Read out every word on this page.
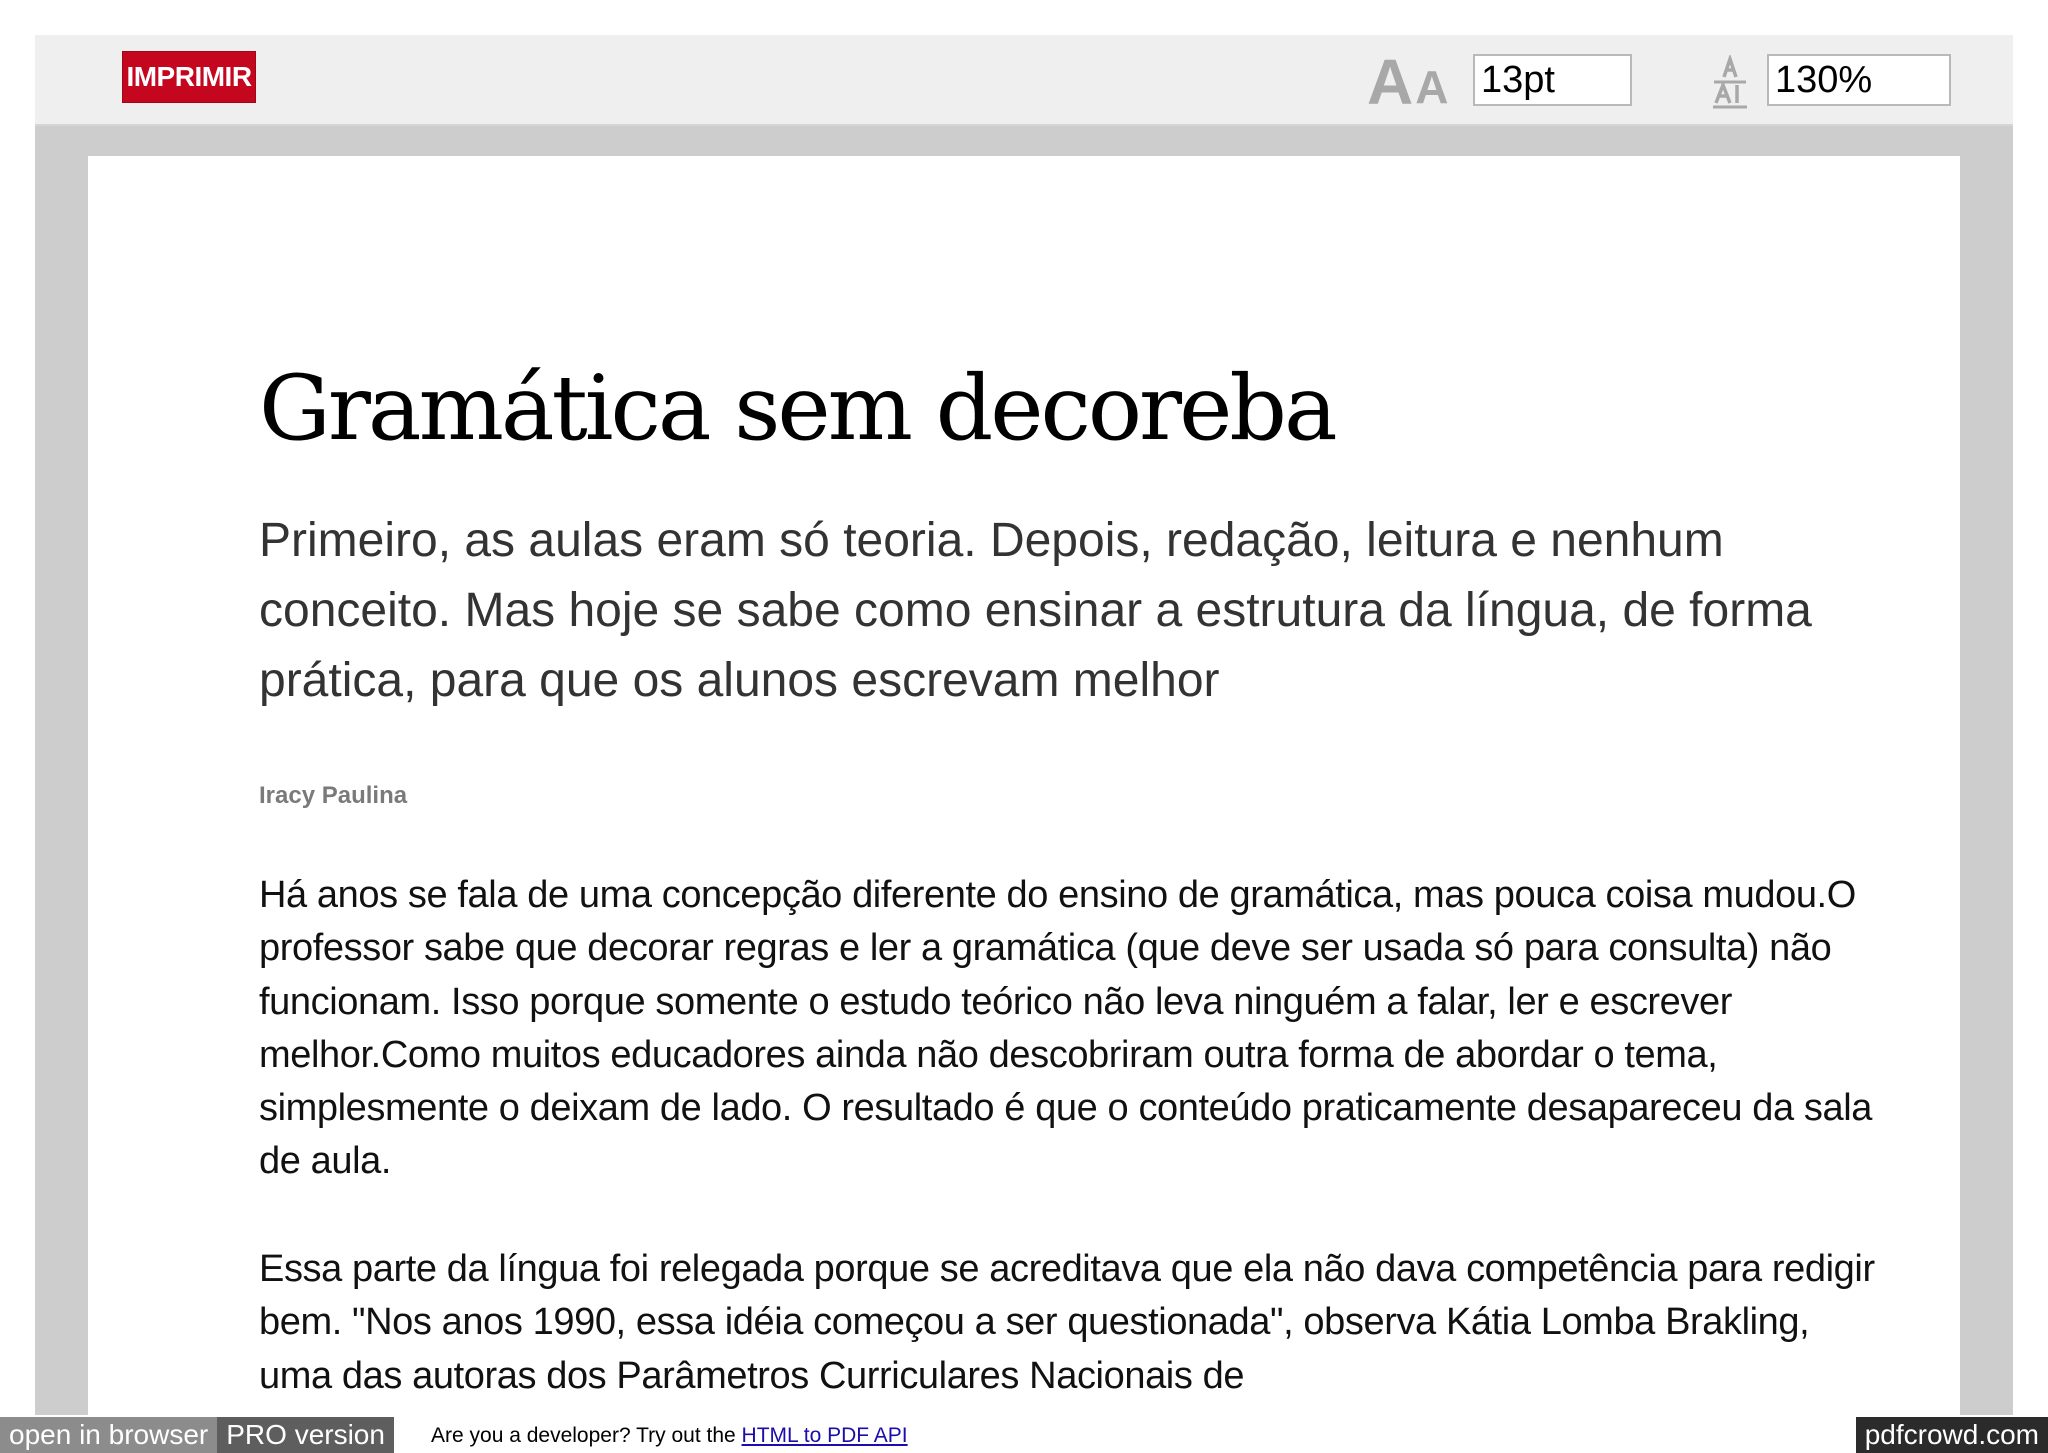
IMPRIMIR	A A
13pt
130%
Gramática sem decoreba

Primeiro, as aulas eram só teoria. Depois, redação, leitura e nenhum conceito. Mas hoje se sabe como ensinar a estrutura da língua, de forma prática, para que os alunos escrevam melhor

Iracy Paulina

Há anos se fala de uma concepção diferente do ensino de gramática, mas pouca coisa mudou.O professor sabe que decorar regras e ler a gramática (que deve ser usada só para consulta) não funcionam. Isso porque somente o estudo teórico não leva ninguém a falar, ler e escrever melhor.Como muitos educadores ainda não descobriram outra forma de abordar o tema, simplesmente o deixam de lado. O resultado é que o conteúdo praticamente desapareceu da sala de aula.

Essa parte da língua foi relegada porque se acreditava que ela não dava competência para redigir bem. "Nos anos 1990, essa idéia começou a ser questionada", observa Kátia Lomba Brakling, uma das autoras dos Parâmetros Curriculares Nacionais de

open in browser PRO version	Are you a developer? Try out the HTML to PDF API	pdfcrowd.com
